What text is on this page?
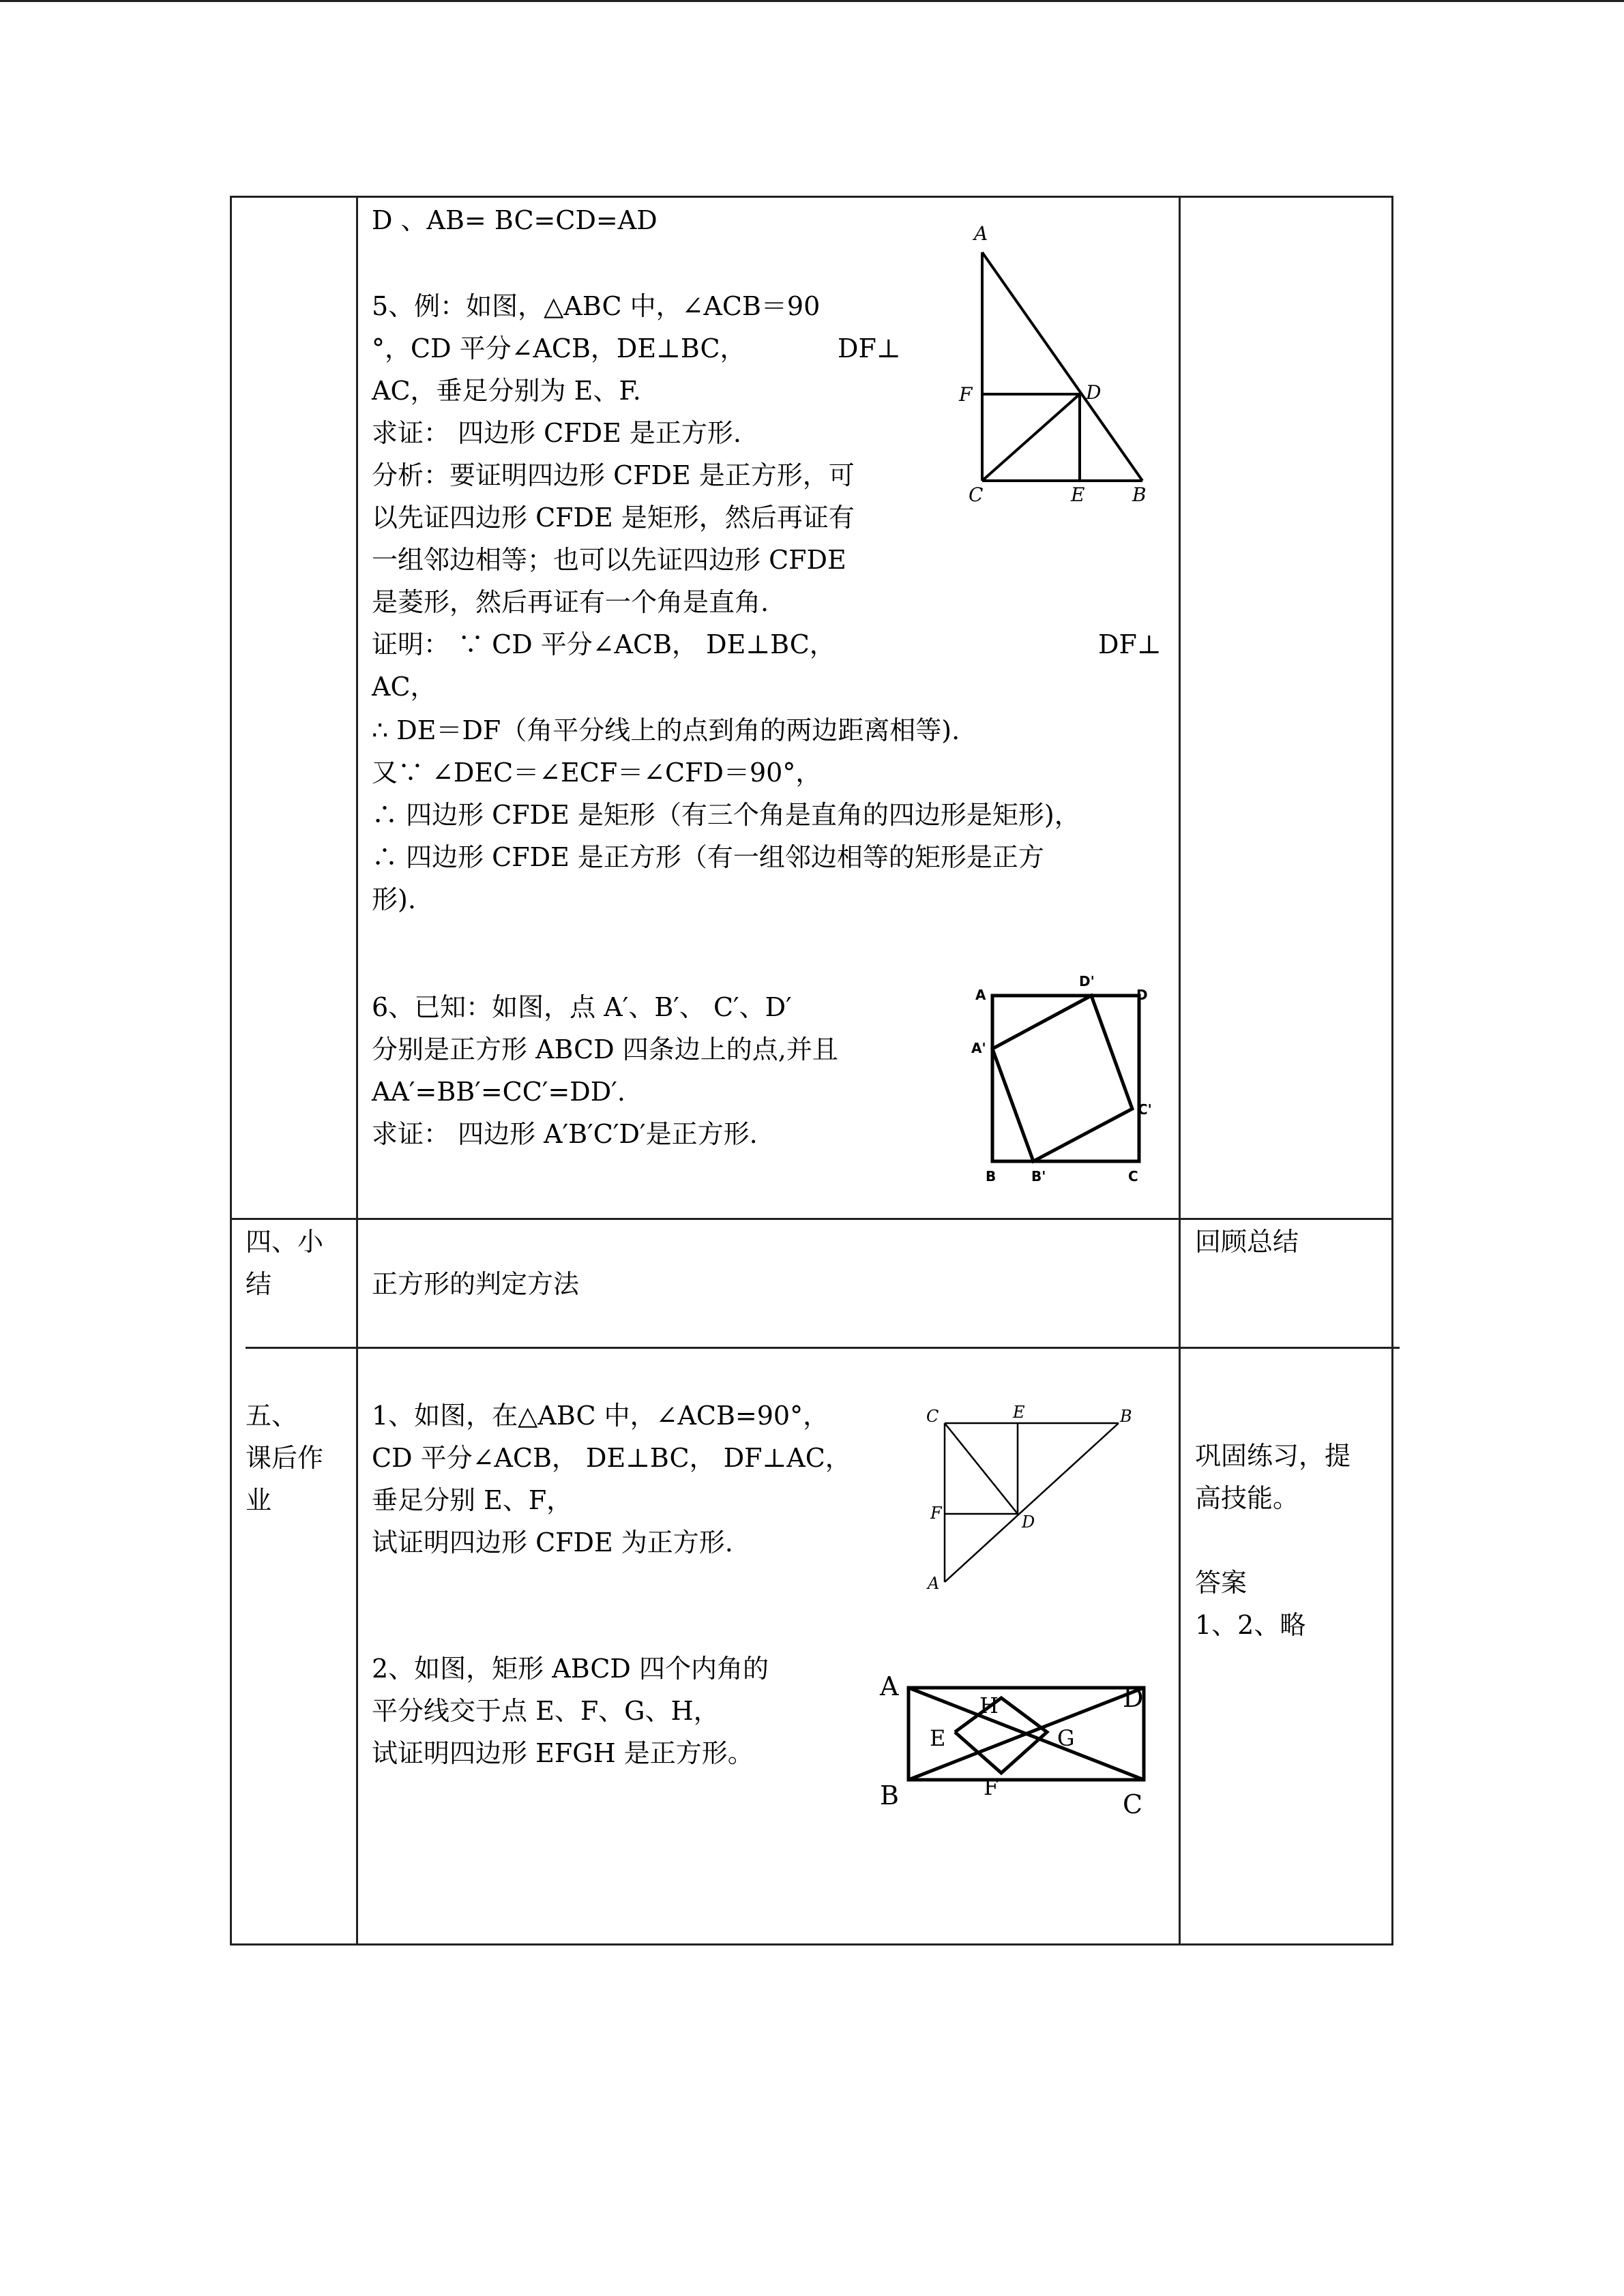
D 、AB= BC=CD=AD
5、例：如图，△ABC 中，∠ACB＝90
°，CD 平分∠ACB，DE⊥BC，	DF⊥
AC，垂足分别为 E、F.
求证： 四边形 CFDE 是正方形.
分析：要证明四边形 CFDE 是正方形，可
以先证四边形 CFDE 是矩形，然后再证有
一组邻边相等；也可以先证四边形 CFDE
是菱形，然后再证有一个角是直角.
证明： ∵ CD 平分∠ACB， DE⊥BC，	DF⊥
AC，
∴ DE＝DF（角平分线上的点到角的两边距离相等).
又∵ ∠DEC＝∠ECF＝∠CFD＝90°，
∴ 四边形 CFDE 是矩形（有三个角是直角的四边形是矩形)，
∴ 四边形 CFDE 是正方形（有一组邻边相等的矩形是正方
形).
6、已知：如图，点 A′、B′、 C′、D′
分别是正方形 ABCD 四条边上的点,并且
AA′=BB′=CC′=DD′.
求证： 四边形 A′B′C′D′是正方形.
A
F	D
C	E B
A
D'
D
A'
C'
B	B'	C
四、小
结	正方形的判定方法
回顾总结
五、
课后作
业
1、如图，在△ABC 中，∠ACB=90°，
CD 平分∠ACB， DE⊥BC， DF⊥AC，
垂足分别 E、F，
试证明四边形 CFDE 为正方形.
2、如图，矩形 ABCD 四个内角的
平分线交于点 E、F、G、H，
试证明四边形 EFGH 是正方形。
巩固练习，提
高技能。
答案
1、2、略
C	E	B
F	D
A
A
H
E	G
B	F
D
C
